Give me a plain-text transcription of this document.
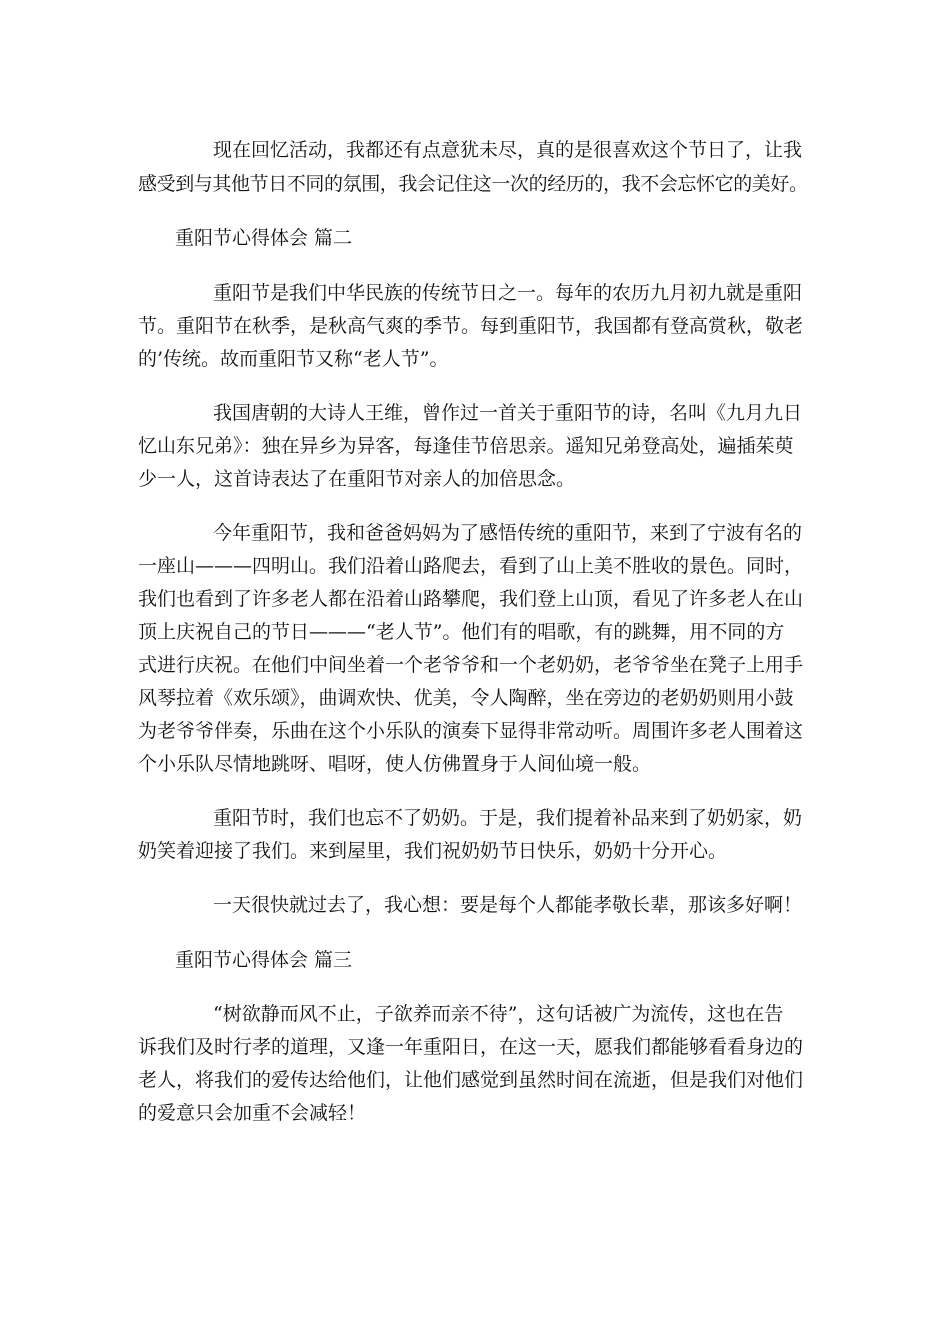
现在回忆活动，我都还有点意犹未尽，真的是很喜欢这个节日了，让我

感受到与其他节日不同的氛围，我会记住这一次的经历的，我不会忘怀它的美好。

重阳节心得体会 篇二

重阳节是我们中华民族的传统节日之一。每年的农历九月初九就是重阳

节。重阳节在秋季，是秋高气爽的季节。每到重阳节，我国都有登高赏秋，敬老

的’传统。故而重阳节又称“老人节”。

我国唐朝的大诗人王维，曾作过一首关于重阳节的诗，名叫《九月九日

忆山东兄弟》：独在异乡为异客，每逢佳节倍思亲。遥知兄弟登高处，遍插茱萸

少一人，这首诗表达了在重阳节对亲人的加倍思念。

今年重阳节，我和爸爸妈妈为了感悟传统的重阳节，来到了宁波有名的

一座山———四明山。我们沿着山路爬去，看到了山上美不胜收的景色。同时，

我们也看到了许多老人都在沿着山路攀爬，我们登上山顶，看见了许多老人在山

顶上庆祝自己的节日———“老人节”。他们有的唱歌，有的跳舞，用不同的方

式进行庆祝。在他们中间坐着一个老爷爷和一个老奶奶，老爷爷坐在凳子上用手

风琴拉着《欢乐颂》，曲调欢快、优美，令人陶醉，坐在旁边的老奶奶则用小鼓

为老爷爷伴奏，乐曲在这个小乐队的演奏下显得非常动听。周围许多老人围着这

个小乐队尽情地跳呀、唱呀，使人仿佛置身于人间仙境一般。

重阳节时，我们也忘不了奶奶。于是，我们提着补品来到了奶奶家，奶

奶笑着迎接了我们。来到屋里，我们祝奶奶节日快乐，奶奶十分开心。

一天很快就过去了，我心想：要是每个人都能孝敬长辈，那该多好啊！

重阳节心得体会 篇三

“树欲静而风不止，子欲养而亲不待”，这句话被广为流传，这也在告

诉我们及时行孝的道理，又逢一年重阳日，在这一天，愿我们都能够看看身边的

老人，将我们的爱传达给他们，让他们感觉到虽然时间在流逝，但是我们对他们

的爱意只会加重不会减轻！
